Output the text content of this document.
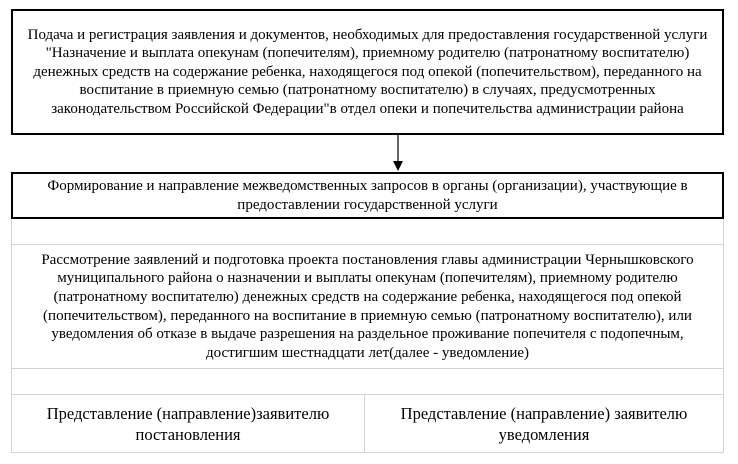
Подача и регистрация заявления и документов, необходимых для предоставления государственной услуги "Назначение и выплата опекунам (попечителям), приемному родителю (патронатному воспитателю) денежных средств на содержание ребенка, находящегося под опекой (попечительством), переданного на воспитание в приемную семью (патронатному воспитателю) в случаях, предусмотренных законодательством Российской Федерации"в отдел опеки и попечительства администрации района
Формирование и направление межведомственных запросов в органы (организации), участвующие в предоставлении государственной услуги
Рассмотрение заявлений и подготовка проекта постановления главы администрации Чернышковского муниципального района о назначении и выплаты опекунам (попечителям), приемному родителю (патронатному воспитателю) денежных средств на содержание ребенка, находящегося под опекой (попечительством), переданного на воспитание в приемную семью (патронатному воспитателю), или уведомления об отказе в выдаче разрешения на раздельное проживание попечителя с подопечным, достигшим шестнадцати лет(далее - уведомление)
Представление (направление)заявителю постановления
Представление (направление) заявителю уведомления
